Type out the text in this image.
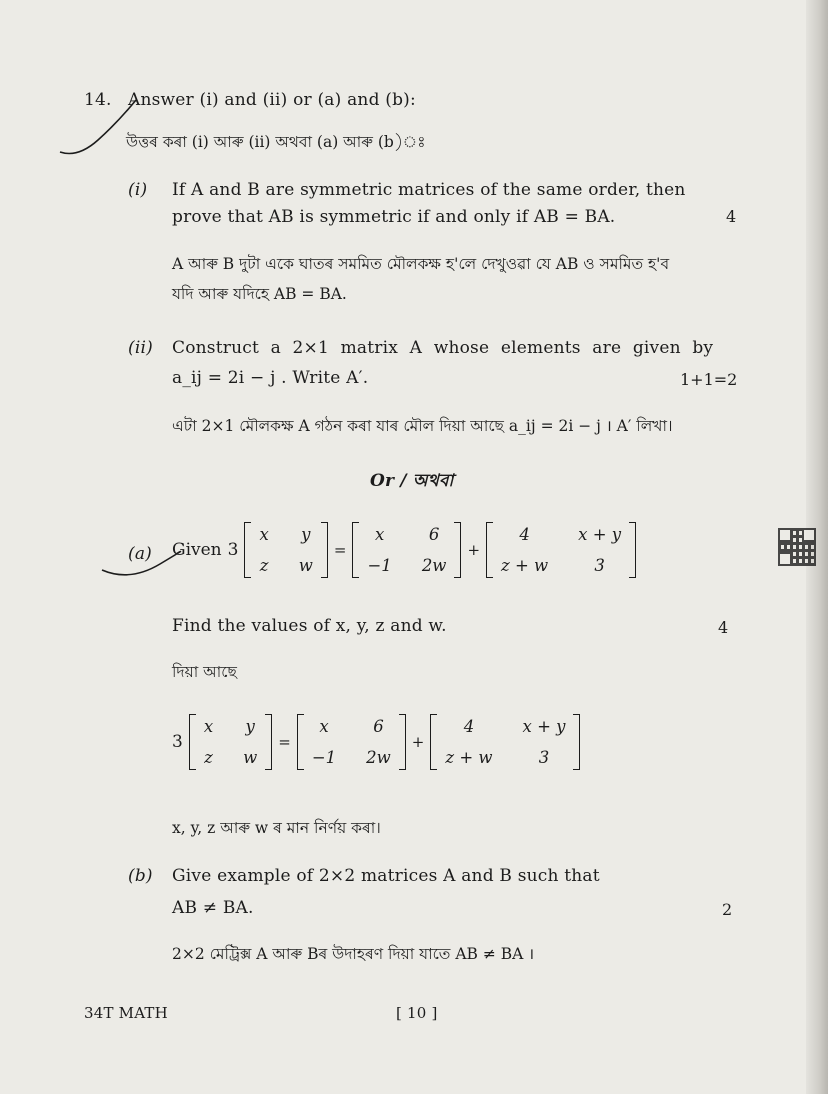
14. Answer (i) and (ii) or (a) and (b):
উত্তৰ কৰা (i) আৰু (ii) অথবা (a) আৰু (b)ঃ
(i) If A and B are symmetric matrices of the same order, then
prove that AB is symmetric if and only if AB = BA.	4
A আৰু B দুটা একে ঘাতৰ সমমিত মৌলকক্ষ হ'লে দেখুওৱা যে AB ও সমমিত হ'ব
যদি আৰু যদিহে AB = BA.
(ii) Construct a 2×1 matrix A whose elements are given by
a_ij = 2i − j . Write A′.	1+1=2
এটা 2×1 মৌলকক্ষ A গঠন কৰা যাৰ মৌল দিয়া আছে a_ij = 2i − j । A′ লিখা।
Or / অথবা
(a) Given 3
x y
z w
=
x	6
−1 2w
+
4	x + y
z + w	3
Find the values of x, y, z and w.	4
দিয়া আছে
3
x y
z w
=
x	6
−1 2w
+
4	x + y
z + w	3
x, y, z আৰু w ৰ মান নিৰ্ণয় কৰা।
(b) Give example of 2×2 matrices A and B such that
AB ≠ BA.	2
2×2 মেট্ৰিক্স A আৰু Bৰ উদাহৰণ দিয়া যাতে AB ≠ BA ।
34T MATH	[ 10 ]
